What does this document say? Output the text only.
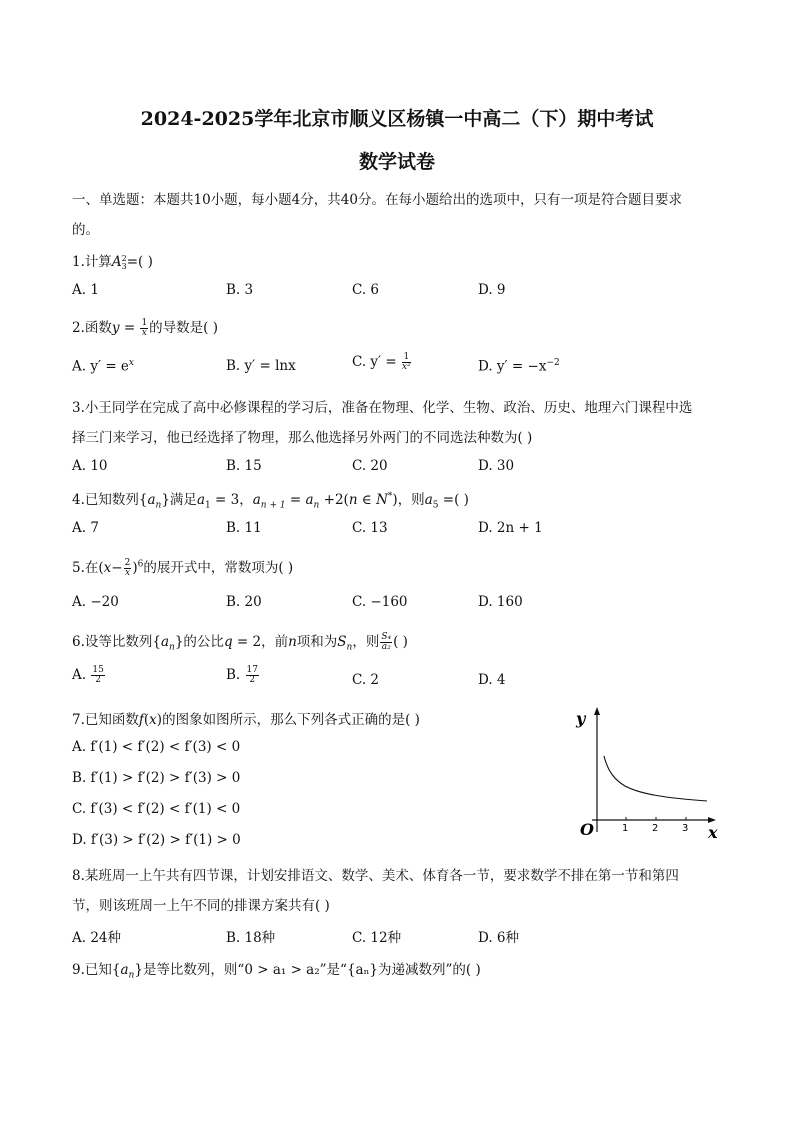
2024-2025学年北京市顺义区杨镇一中高二（下）期中考试
数学试卷
一、单选题：本题共10小题，每小题4分，共40分。在每小题给出的选项中，只有一项是符合题目要求
的。
1.计算A 2
3 =( )
A. 1	B. 3	C. 6	D. 9
2.函数$y = \frac{1}{x}$ 的导数是( )
A. $y' = e^x$	B. y′ = lnx	C. $y' = \frac{1}{\text{x²}}$	D. $y' = -x^{-2}$
3.小王同学在完成了高中必修课程的学习后，准备在物理、化学、生物、政治、历史、地理六门课程中选
择三门来学习，他已经选择了物理，那么他选择另外两门的不同选法种数为( )
A. 10	B. 15	C. 20	D. 30
4.已知数列$\{a_n\}$满足$a_1 = 3$，$a_{n + 1} = a_n +2(n$ ∈ N*)，则$a_5$ =( )
A. 7	B. 11	C. 13	D. 2n + 1
5.在$(x- \frac{2}{x} )^6$的展开式中，常数项为( )
A. −20	B. 20	C. −160	D. 160
6.设等比数列$\{a_n\}$的公比q = 2，前n项和为$S_n$，则 $\frac{\text{S₄}}{\text{a₂}}$ ( )
A. $\frac{15}{2}$	B. $\frac{17}{2}$	C. 2	D. 4
7.已知函数f(x)的图象如图所示，那么下列各式正确的是( )
A. f′(1) < f′(2) < f′(3) < 0
B. f′(1) > f′(2) > f′(3) > 0
C. f′(3) < f′(2) < f′(1) < 0
D. f′(3) > f′(2) > f′(1) > 0
y
x
O	1 2 3
8.某班周一上午共有四节课，计划安排语文、数学、美术、体育各一节，要求数学不排在第一节和第四
节，则该班周一上午不同的排课方案共有( )
A. 24种	B. 18种	C. 12种	D. 6种
9.已知$\{a_n\}$是等比数列，则“0 > a₁ > a₂”是“{aₙ}为递减数列”的( )
